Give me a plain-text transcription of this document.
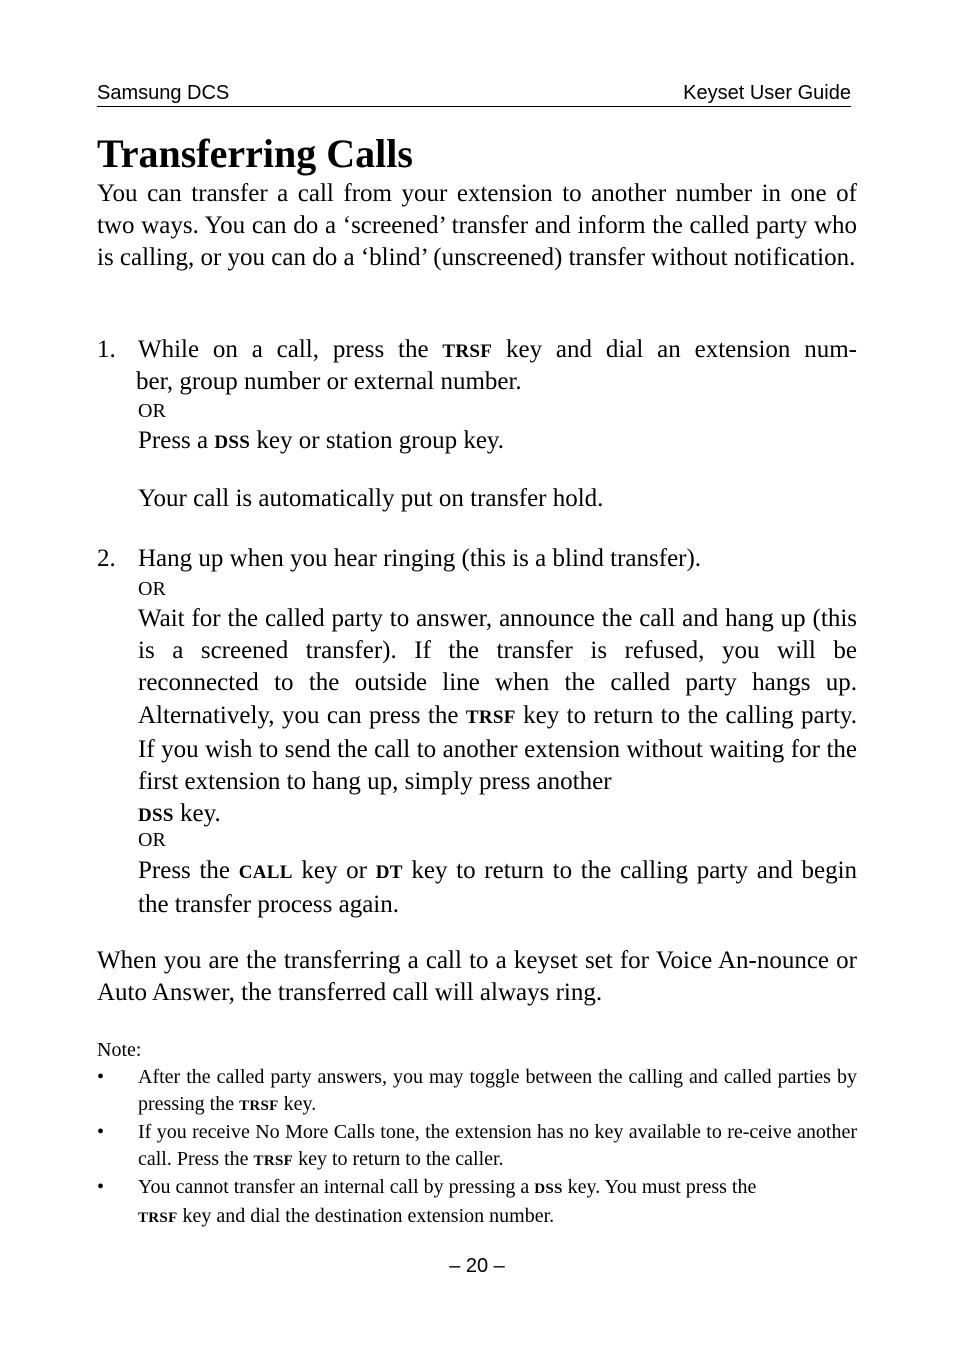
Samsung DCS	Keyset User Guide
Transferring Calls

You can transfer a call from your extension to another number in one of two ways. You can do a ‘screened’ transfer and inform the called party who is calling, or you can do a ‘blind’ (unscreened) transfer without notification.

1. While on a call, press the TRSF key and dial an extension num-
ber, group number or external number.
OR
Press a DSS key or station group key.
Your call is automatically put on transfer hold.
2. Hang up when you hear ringing (this is a blind transfer).
OR

Wait for the called party to answer, announce the call and hang up (this is a screened transfer). If the transfer is refused, you will be reconnected to the outside line when the called party hangs up. Alternatively, you can press the TRSF key to return to the calling party. If you wish to send the call to another extension without waiting for the first extension to hang up, simply press another
DSS key.

OR

Press the CALL key or DT key to return to the calling party and begin the transfer process again.

When you are the transferring a call to a keyset set for Voice An-nounce or Auto Answer, the transferred call will always ring.

Note:
• After the called party answers, you may toggle between the calling and called parties by pressing the TRSF key.

• If you receive No More Calls tone, the extension has no key available to re-ceive another call. Press the TRSF key to return to the caller.

• You cannot transfer an internal call by pressing a DSS key. You must press the
TRSF key and dial the destination extension number.

– 20 –
